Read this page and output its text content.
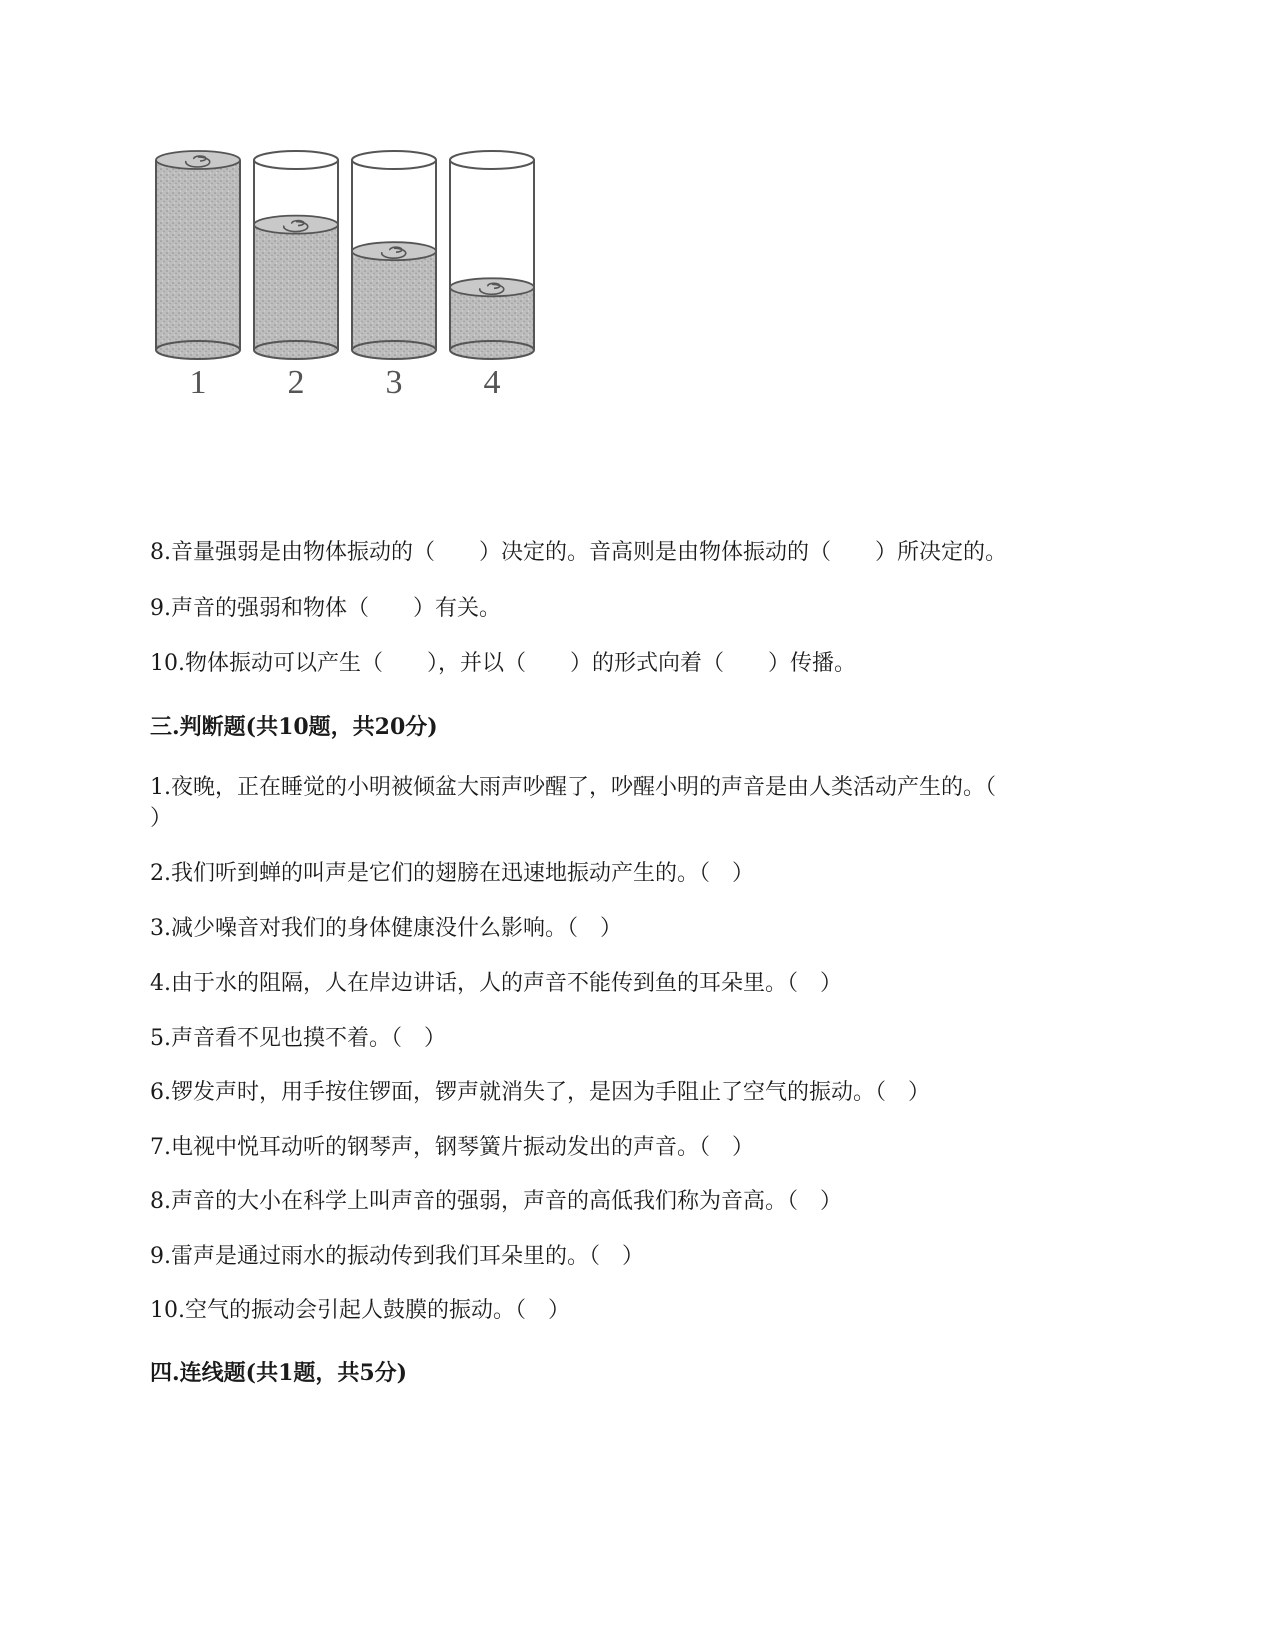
1 2 3 4
8.音量强弱是由物体振动的（　　）决定的。音高则是由物体振动的（　　）所决定的。
9.声音的强弱和物体（　　）有关。
10.物体振动可以产生（　　），并以（　　）的形式向着（　　）传播。
三.判断题(共10题，共20分)
1.夜晚，正在睡觉的小明被倾盆大雨声吵醒了，吵醒小明的声音是由人类活动产生的。（
）
2.我们听到蝉的叫声是它们的翅膀在迅速地振动产生的。（　）
3.减少噪音对我们的身体健康没什么影响。（　）
4.由于水的阻隔，人在岸边讲话，人的声音不能传到鱼的耳朵里。（　）
5.声音看不见也摸不着。（　）
6.锣发声时，用手按住锣面，锣声就消失了，是因为手阻止了空气的振动。（　）
7.电视中悦耳动听的钢琴声，钢琴簧片振动发出的声音。（　）
8.声音的大小在科学上叫声音的强弱，声音的高低我们称为音高。（　）
9.雷声是通过雨水的振动传到我们耳朵里的。（　）
10.空气的振动会引起人鼓膜的振动。（　）
四.连线题(共1题，共5分)
